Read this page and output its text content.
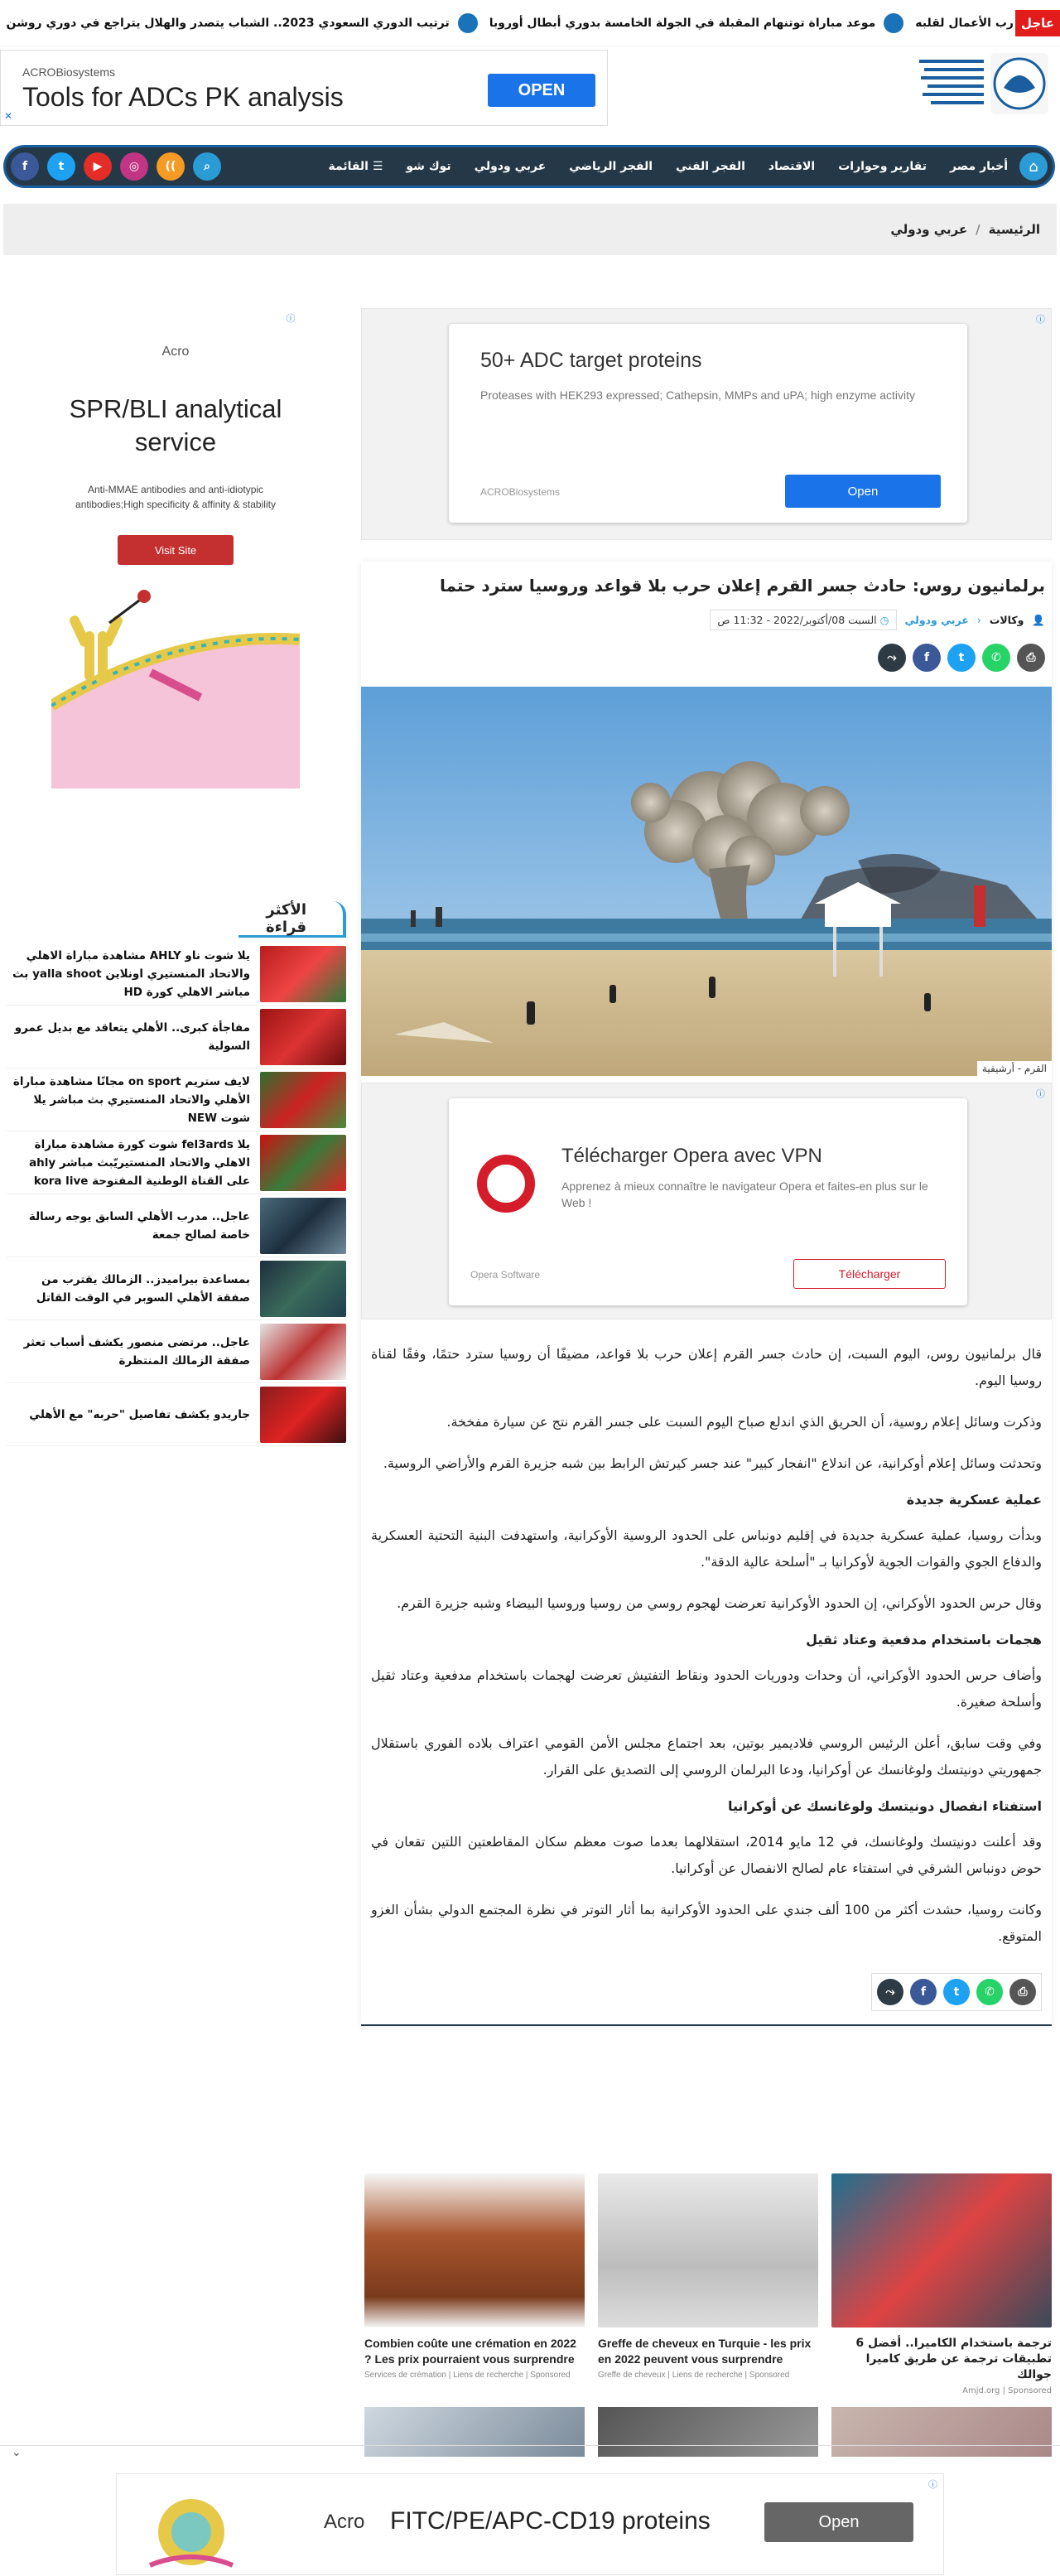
عاجل
رب الأعمال لقلبه
موعد مباراة توتنهام المقبلة في الجولة الخامسة بدوري أبطال أوروبا
ترتيب الدوري السعودي 2023.. الشباب يتصدر والهلال يتراجع في دوري روشن
ACROBiosystems
Tools for ADCs PK analysis	OPEN
✕
⌂
أخبار مصر
تقارير وحوارات
الاقتصاد
الفجر الفني
الفجر الرياضي
عربي ودولي
توك شو
☰ القائمة
f	t	▶	◎	))	⌕
الرئيسية
/
عربي ودولي
ⓘ
Acro
SPR/BLI analytical service
Anti-MMAE antibodies and anti-idiotypic antibodies;High specificity & affinity & stability
Visit Site
الأكثر قراءة
يلا شوت ناو AHLY مشاهدة مباراة الاهلي والاتحاد المنستيري اونلاين yalla shoot بث مباشر الاهلي كورة HD
مفاجأة كبرى.. الأهلي يتعاقد مع بديل عمرو السولية
لايف ستريم on sport مجانًا مشاهدة مباراة الأهلي والاتحاد المنستيري بث مباشر يلا شوت NEW
يلا fel3ards شوت كورة مشاهدة مباراة الاهلي والاتحاد المنستيريّبث مباشر ahly على القناة الوطنية المفتوحة kora live
عاجل.. مدرب الأهلي السابق يوجه رسالة خاصة لصالح جمعة
بمساعدة بيراميدز.. الزمالك يقترب من صفقة الأهلي السوبر في الوقت القاتل
عاجل.. مرتضى منصور يكشف أسباب تعثر صفقة الزمالك المنتظرة
جاريدو يكشف تفاصيل "حربه" مع الأهلي
ⓘ
50+ ADC target proteins
Proteases with HEK293 expressed; Cathepsin, MMPs and uPA; high enzyme activity
ACROBiosystems	Open
برلمانيون روس: حادث جسر القرم إعلان حرب بلا قواعد وروسيا سترد حتما
👤
وكالات
‹
عربي ودولي
◷ السبت 08/أكتوبر/2022 - 11:32 ص
⤳	f	t	✆	⎙
القرم - أرشيفية
ⓘ
Télécharger Opera avec VPN
Apprenez à mieux connaître le navigateur Opera et faites-en plus sur le Web !
Opera Software	Télécharger

قال برلمانيون روس، اليوم السبت، إن حادث جسر القرم إعلان حرب بلا قواعد، مضيفًا أن روسيا سترد حتمًا، وفقًا لقناة روسيا اليوم.

وذكرت وسائل إعلام روسية، أن الحريق الذي اندلع صباح اليوم السبت على جسر القرم نتج عن سيارة مفخخة.

وتحدثت وسائل إعلام أوكرانية، عن اندلاع "انفجار كبير" عند جسر كيرتش الرابط بين شبه جزيرة القرم والأراضي الروسية.

عملية عسكرية جديدة

وبدأت روسيا، عملية عسكرية جديدة في إقليم دونباس على الحدود الروسية الأوكرانية، واستهدفت البنية التحتية العسكرية والدفاع الجوي والقوات الجوية لأوكرانيا بـ "أسلحة عالية الدقة".

وقال حرس الحدود الأوكراني، إن الحدود الأوكرانية تعرضت لهجوم روسي من روسيا وروسيا البيضاء وشبه جزيرة القرم.

هجمات باستخدام مدفعية وعتاد ثقيل

وأضاف حرس الحدود الأوكراني، أن وحدات ودوريات الحدود ونقاط التفتيش تعرضت لهجمات باستخدام مدفعية وعتاد ثقيل وأسلحة صغيرة.

وفي وقت سابق، أعلن الرئيس الروسي فلاديمير بوتين، بعد اجتماع مجلس الأمن القومي اعتراف بلاده الفوري باستقلال جمهوريتي دونيتسك ولوغانسك عن أوكرانيا، ودعا البرلمان الروسي إلى التصديق على القرار.

استفتاء انفصال دونيتسك ولوغانسك عن أوكرانيا

وقد أعلنت دونيتسك ولوغانسك، في 12 مايو 2014، استقلالهما بعدما صوت معظم سكان المقاطعتين اللتين تقعان في حوض دونباس الشرقي في استفتاء عام لصالح الانفصال عن أوكرانيا.

وكانت روسيا، حشدت أكثر من 100 ألف جندي على الحدود الأوكرانية بما أثار التوتر في نظرة المجتمع الدولي بشأن الغزو المتوقع.

⤳	f	t	✆	⎙
ترجمة باستخدام الكاميرا.. أفضل 6 تطبيقات ترجمة عن طريق كاميرا جوالك
Amjd.org | Sponsored
Greffe de cheveux en Turquie - les prix en 2022 peuvent vous surprendre
Greffe de cheveux | Liens de recherche | Sponsored
Combien coûte une crémation en 2022 ? Les prix pourraient vous surprendre
Services de crémation | Liens de recherche | Sponsored
⌄
ⓘ
Acro FITC/PE/APC-CD19 proteins	Open
